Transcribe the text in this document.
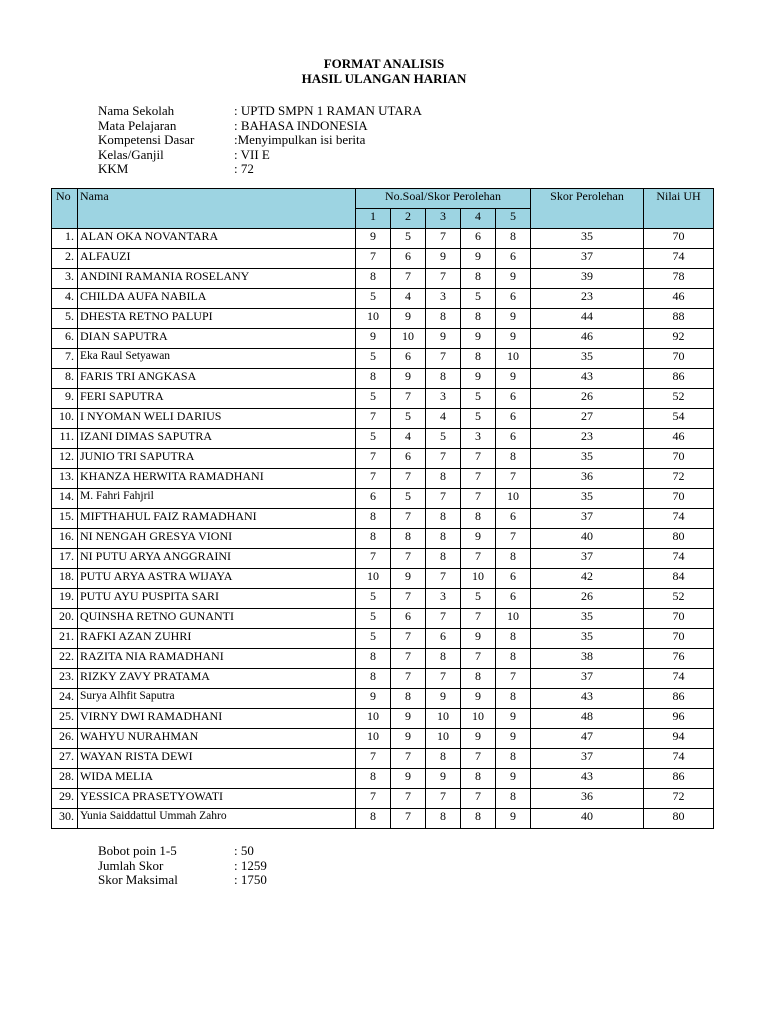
FORMAT ANALISIS
HASIL ULANGAN HARIAN
Nama Sekolah	: UPTD SMPN 1 RAMAN UTARA
Mata Pelajaran	: BAHASA INDONESIA
Kompetensi Dasar	:Menyimpulkan isi berita
Kelas/Ganjil	: VII E
KKM	: 72
No	Nama	No.Soal/Skor Perolehan					Skor Perolehan	Nilai UH
		1	2	3	4	5		
1.	ALAN OKA NOVANTARA	9	5	7	6	8	35	70
2.	ALFAUZI	7	6	9	9	6	37	74
3.	ANDINI RAMANIA ROSELANY	8	7	7	8	9	39	78
4.	CHILDA AUFA NABILA	5	4	3	5	6	23	46
5.	DHESTA RETNO PALUPI	10	9	8	8	9	44	88
6.	DIAN SAPUTRA	9	10	9	9	9	46	92
7.	Eka Raul Setyawan	5	6	7	8	10	35	70
8.	FARIS TRI ANGKASA	8	9	8	9	9	43	86
9.	FERI SAPUTRA	5	7	3	5	6	26	52
10.	I NYOMAN WELI DARIUS	7	5	4	5	6	27	54
11.	IZANI DIMAS SAPUTRA	5	4	5	3	6	23	46
12.	JUNIO TRI SAPUTRA	7	6	7	7	8	35	70
13.	KHANZA HERWITA RAMADHANI	7	7	8	7	7	36	72
14.	M. Fahri Fahjril	6	5	7	7	10	35	70
15.	MIFTHAHUL FAIZ RAMADHANI	8	7	8	8	6	37	74
16.	NI NENGAH GRESYA VIONI	8	8	8	9	7	40	80
17.	NI PUTU ARYA ANGGRAINI	7	7	8	7	8	37	74
18.	PUTU ARYA ASTRA WIJAYA	10	9	7	10	6	42	84
19.	PUTU AYU PUSPITA SARI	5	7	3	5	6	26	52
20.	QUINSHA RETNO GUNANTI	5	6	7	7	10	35	70
21.	RAFKI AZAN ZUHRI	5	7	6	9	8	35	70
22.	RAZITA NIA RAMADHANI	8	7	8	7	8	38	76
23.	RIZKY ZAVY PRATAMA	8	7	7	8	7	37	74
24.	Surya Alhfit Saputra	9	8	9	9	8	43	86
25.	VIRNY DWI RAMADHANI	10	9	10	10	9	48	96
26.	WAHYU NURAHMAN	10	9	10	9	9	47	94
27.	WAYAN RISTA DEWI	7	7	8	7	8	37	74
28.	WIDA MELIA	8	9	9	8	9	43	86
29.	YESSICA PRASETYOWATI	7	7	7	7	8	36	72
30.	Yunia Saiddattul Ummah Zahro	8	7	8	8	9	40	80
Bobot poin 1-5	: 50
Jumlah Skor	: 1259
Skor Maksimal	: 1750
